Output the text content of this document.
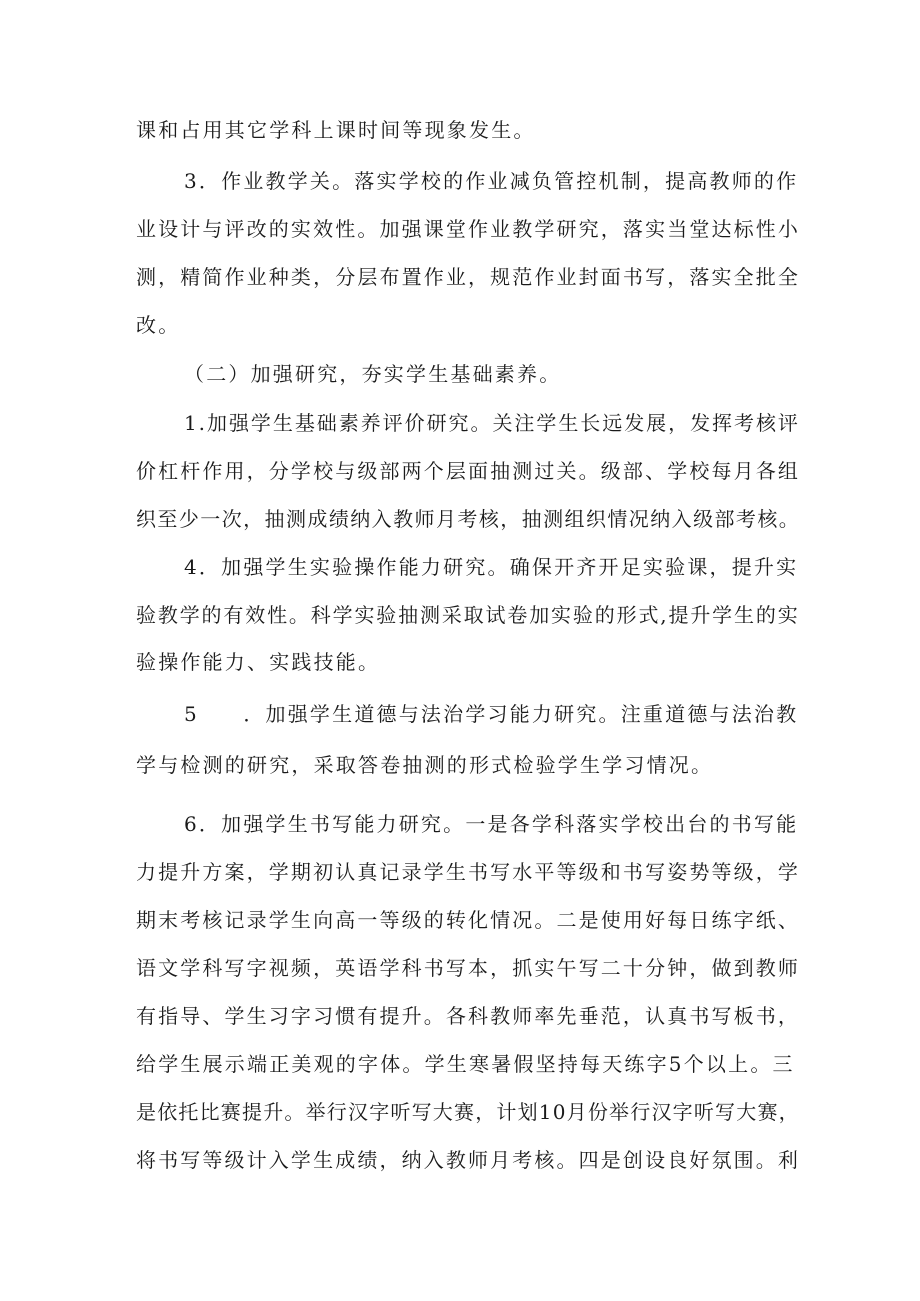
课和占用其它学科上课时间等现象发生。
3．作业教学关。落实学校的作业减负管控机制，提高教师的作
业设计与评改的实效性。加强课堂作业教学研究，落实当堂达标性小
测，精简作业种类，分层布置作业，规范作业封面书写，落实全批全
改。
（二）加强研究，夯实学生基础素养。
1.加强学生基础素养评价研究。关注学生长远发展，发挥考核评
价杠杆作用，分学校与级部两个层面抽测过关。级部、学校每月各组
织至少一次，抽测成绩纳入教师月考核，抽测组织情况纳入级部考核。
4．加强学生实验操作能力研究。确保开齐开足实验课，提升实
验教学的有效性。科学实验抽测采取试卷加实验的形式,提升学生的实
验操作能力、实践技能。
5　　．加强学生道德与法治学习能力研究。注重道德与法治教
学与检测的研究，采取答卷抽测的形式检验学生学习情况。
6．加强学生书写能力研究。一是各学科落实学校出台的书写能
力提升方案，学期初认真记录学生书写水平等级和书写姿势等级，学
期末考核记录学生向高一等级的转化情况。二是使用好每日练字纸、
语文学科写字视频，英语学科书写本，抓实午写二十分钟，做到教师
有指导、学生习字习惯有提升。各科教师率先垂范，认真书写板书，
给学生展示端正美观的字体。学生寒暑假坚持每天练字5个以上。三
是依托比赛提升。举行汉字听写大赛，计划10月份举行汉字听写大赛，
将书写等级计入学生成绩，纳入教师月考核。四是创设良好氛围。利
